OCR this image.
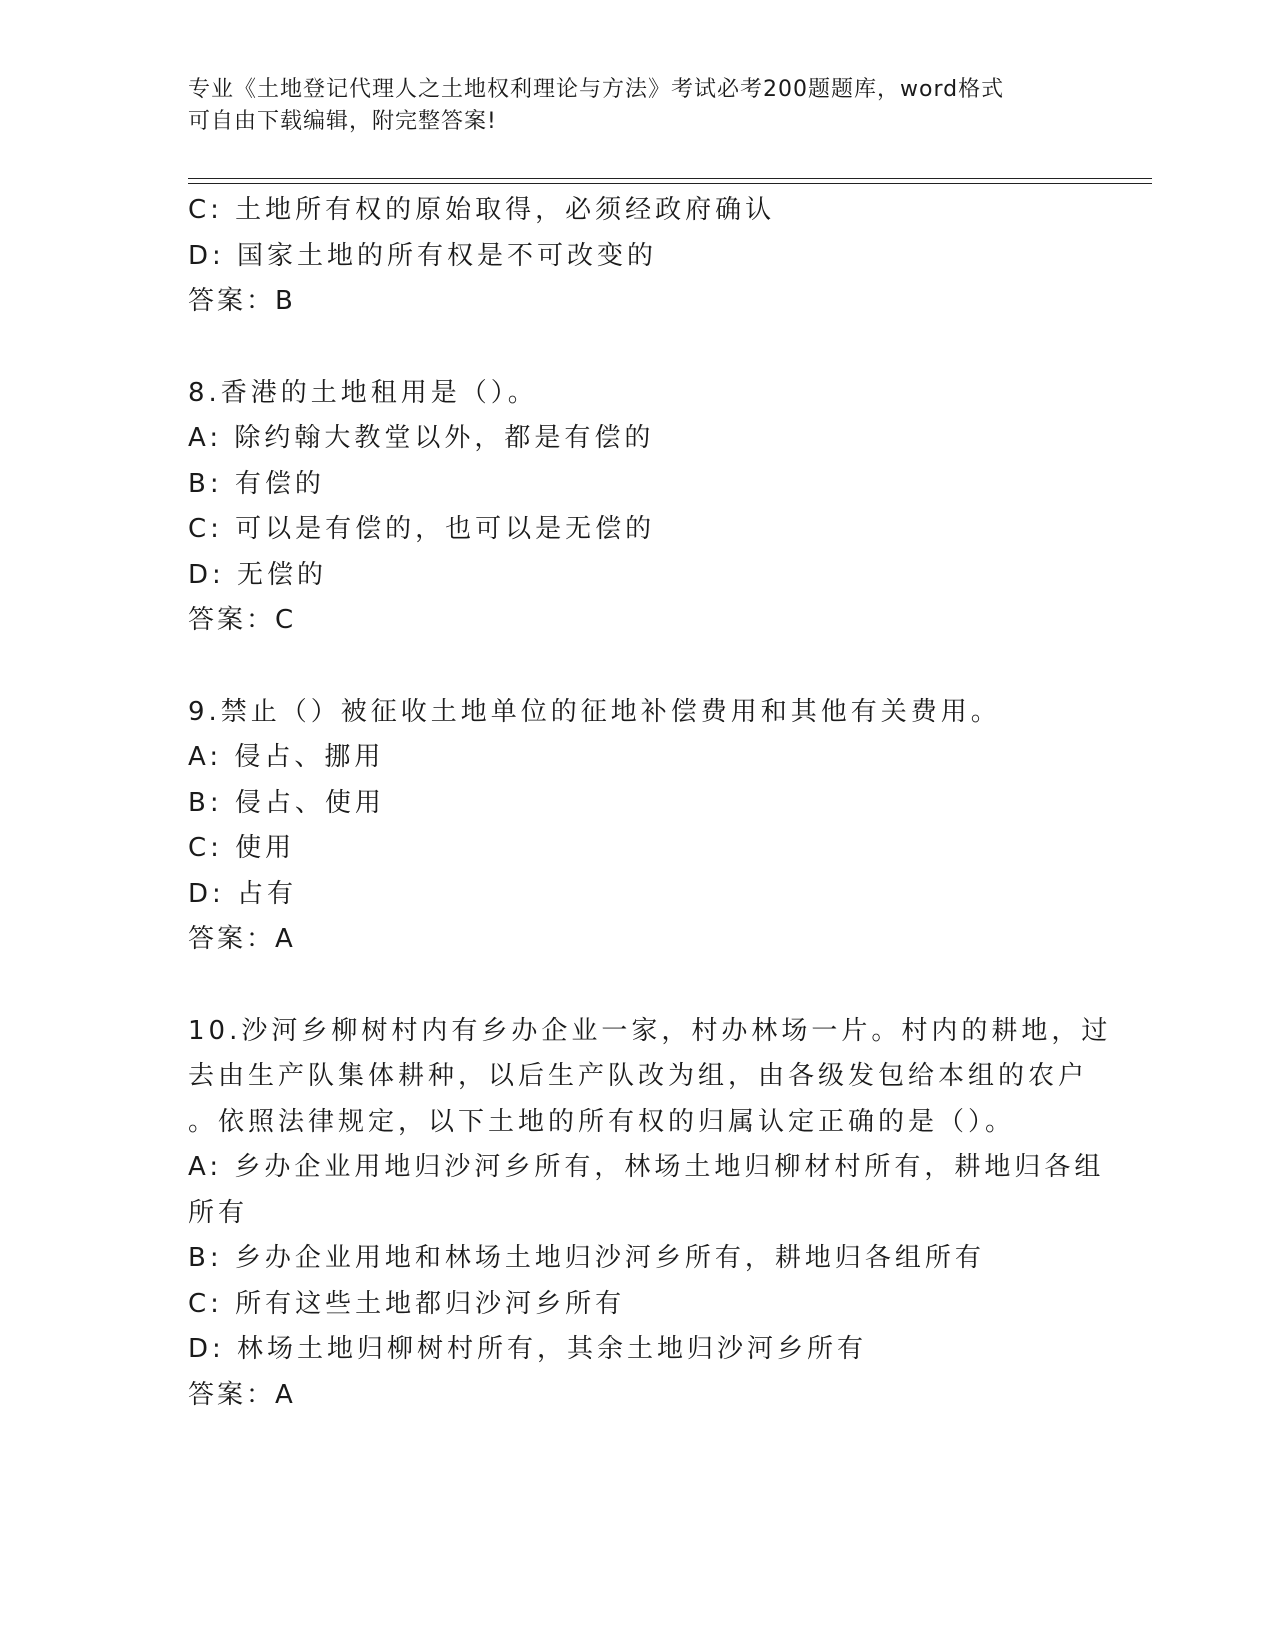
专业《土地登记代理人之土地权利理论与方法》考试必考200题题库，word格式
可自由下载编辑，附完整答案!
C: 土地所有权的原始取得，必须经政府确认
D: 国家土地的所有权是不可改变的
答案：B
8.香港的土地租用是（）。
A: 除约翰大教堂以外，都是有偿的
B: 有偿的
C: 可以是有偿的，也可以是无偿的
D: 无偿的
答案：C
9.禁止（）被征收土地单位的征地补偿费用和其他有关费用。
A: 侵占、挪用
B: 侵占、使用
C: 使用
D: 占有
答案：A
10.沙河乡柳树村内有乡办企业一家，村办林场一片。村内的耕地，过
去由生产队集体耕种，以后生产队改为组，由各级发包给本组的农户
。依照法律规定，以下土地的所有权的归属认定正确的是（）。
A: 乡办企业用地归沙河乡所有，林场土地归柳材村所有，耕地归各组
所有
B: 乡办企业用地和林场土地归沙河乡所有，耕地归各组所有
C: 所有这些土地都归沙河乡所有
D: 林场土地归柳树村所有，其余土地归沙河乡所有
答案：A
